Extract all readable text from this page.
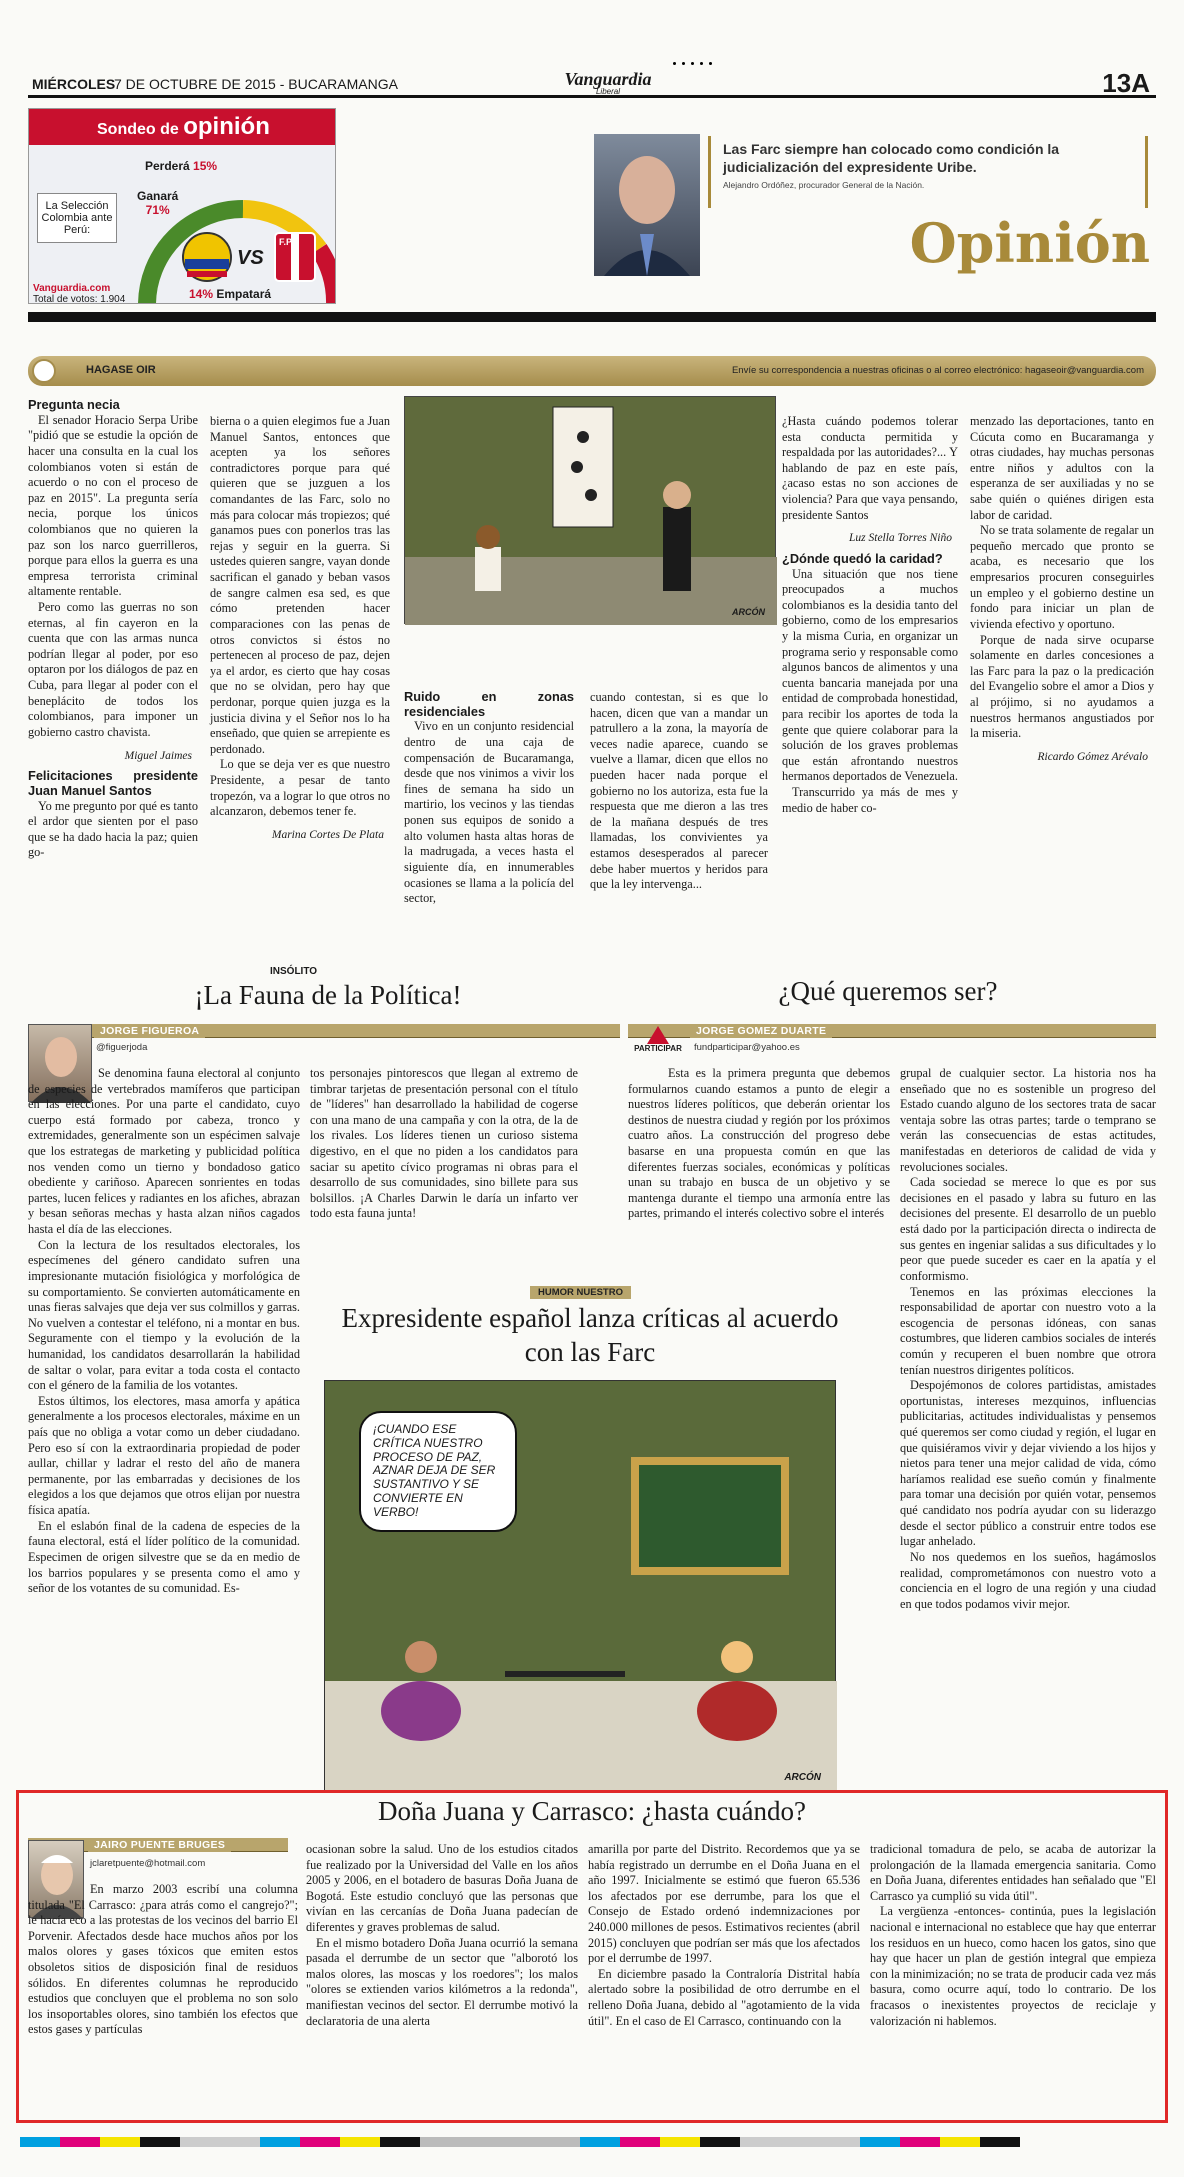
MIÉRCOLES
7 DE OCTUBRE DE 2015 - BUCARAMANGA	Vanguardia
Liberal	13A
Sondeo de opinión
La Selección Colombia ante Perú:
Perderá 15%
Ganará
71%
VS
F.P.F
Vanguardia.com
Total de votos: 1.904	14% Empatará
Las Farc siempre han colocado como condición la judicialización del expresidente Uribe.
Alejandro Ordóñez, procurador General de la Nación.
Opinión
HAGASE OIR	Envíe su correspondencia a nuestras oficinas o al correo electrónico: hagaseoir@vanguardia.com
Pregunta necia

El senador Horacio Serpa Uribe "pidió que se estudie la opción de hacer una consulta en la cual los colombianos voten si están de acuerdo o no con el proceso de paz en 2015". La pregunta sería necia, porque los únicos colombianos que no quieren la paz son los narco guerrilleros, porque para ellos la guerra es una empresa terrorista criminal altamente rentable.

Pero como las guerras no son eternas, al fin cayeron en la cuenta que con las armas nunca podrían llegar al poder, por eso optaron por los diálogos de paz en Cuba, para llegar al poder con el beneplácito de todos los colombianos, para imponer un gobierno castro chavista.

Miguel Jaimes

Felicitaciones presidente Juan Manuel Santos

Yo me pregunto por qué es tanto el ardor que sienten por el paso que se ha dado hacia la paz; quien go-

bierna o a quien elegimos fue a Juan Manuel Santos, entonces que acepten ya los señores contradictores porque para qué quieren que se juzguen a los comandantes de las Farc, solo no más para colocar más tropiezos; qué ganamos pues con ponerlos tras las rejas y seguir en la guerra. Si ustedes quieren sangre, vayan donde sacrifican el ganado y beban vasos de sangre calmen esa sed, es que cómo pretenden hacer comparaciones con las penas de otros convictos si éstos no pertenecen al proceso de paz, dejen ya el ardor, es cierto que hay cosas que no se olvidan, pero hay que perdonar, porque quien juzga es la justicia divina y el Señor nos lo ha enseñado, que quien se arrepiente es perdonado.

Lo que se deja ver es que nuestro Presidente, a pesar de tanto tropezón, va a lograr lo que otros no alcanzaron, debemos tener fe.

Marina Cortes De Plata

ARCÓN
Ruido en zonas residenciales

Vivo en un conjunto residencial dentro de una caja de compensación de Bucaramanga, desde que nos vinimos a vivir los fines de semana ha sido un martirio, los vecinos y las tiendas ponen sus equipos de sonido a alto volumen hasta altas horas de la madrugada, a veces hasta el siguiente día, en innumerables ocasiones se llama a la policía del sector,

cuando contestan, si es que lo hacen, dicen que van a mandar un patrullero a la zona, la mayoría de veces nadie aparece, cuando se vuelve a llamar, dicen que ellos no pueden hacer nada porque el gobierno no los autoriza, esta fue la respuesta que me dieron a las tres de la mañana después de tres llamadas, los convivientes ya estamos desesperados al parecer debe haber muertos y heridos para que la ley intervenga...

¿Hasta cuándo podemos tolerar esta conducta permitida y respaldada por las autoridades?... Y hablando de paz en este país, ¿acaso estas no son acciones de violencia? Para que vaya pensando, presidente Santos

Luz Stella Torres Niño

¿Dónde quedó la caridad?

Una situación que nos tiene preocupados a muchos colombianos es la desidia tanto del gobierno, como de los empresarios y la misma Curia, en organizar un programa serio y responsable como algunos bancos de alimentos y una cuenta bancaria manejada por una entidad de comprobada honestidad, para recibir los aportes de toda la gente que quiere colaborar para la solución de los graves problemas que están afrontando nuestros hermanos deportados de Venezuela.

Transcurrido ya más de mes y medio de haber co-

menzado las deportaciones, tanto en Cúcuta como en Bucaramanga y otras ciudades, hay muchas personas entre niños y adultos con la esperanza de ser auxiliadas y no se sabe quién o quiénes dirigen esta labor de caridad.

No se trata solamente de regalar un pequeño mercado que pronto se acaba, es necesario que los empresarios procuren conseguirles un empleo y el gobierno destine un fondo para iniciar un plan de vivienda efectivo y oportuno.

Porque de nada sirve ocuparse solamente en darles concesiones a las Farc para la paz o la predicación del Evangelio sobre el amor a Dios y al prójimo, si no ayudamos a nuestros hermanos angustiados por la miseria.

Ricardo Gómez Arévalo

INSÓLITO
¡La Fauna de la Política!
JORGE FIGUEROA
@figuerjoda

Se denomina fauna electoral al conjunto de especies de vertebrados mamíferos que participan en las elecciones. Por una parte el candidato, cuyo cuerpo está formado por cabeza, tronco y extremidades, generalmente son un espécimen salvaje que los estrategas de marketing y publicidad política nos venden como un tierno y bondadoso gatico obediente y cariñoso. Aparecen sonrientes en todas partes, lucen felices y radiantes en los afiches, abrazan y besan señoras mechas y hasta alzan niños cagados hasta el día de las elecciones.

Con la lectura de los resultados electorales, los especímenes del género candidato sufren una impresionante mutación fisiológica y morfológica de su comportamiento. Se convierten automáticamente en unas fieras salvajes que deja ver sus colmillos y garras. No vuelven a contestar el teléfono, ni a montar en bus. Seguramente con el tiempo y la evolución de la humanidad, los candidatos desarrollarán la habilidad de saltar o volar, para evitar a toda costa el contacto con el género de la familia de los votantes.

Estos últimos, los electores, masa amorfa y apática generalmente a los procesos electorales, máxime en un país que no obliga a votar como un deber ciudadano. Pero eso sí con la extraordinaria propiedad de poder aullar, chillar y ladrar el resto del año de manera permanente, por las embarradas y decisiones de los elegidos a los que dejamos que otros elijan por nuestra física apatía.

En el eslabón final de la cadena de especies de la fauna electoral, está el líder político de la comunidad. Especimen de origen silvestre que se da en medio de los barrios populares y se presenta como el amo y señor de los votantes de su comunidad. Es-

tos personajes pintorescos que llegan al extremo de timbrar tarjetas de presentación personal con el título de "líderes" han desarrollado la habilidad de cogerse con una mano de una campaña y con la otra, de la de los rivales. Los líderes tienen un curioso sistema digestivo, en el que no piden a los candidatos para saciar su apetito cívico programas ni obras para el desarrollo de sus comunidades, sino billete para sus bolsillos. ¡A Charles Darwin le daría un infarto ver todo esta fauna junta!

¿Qué queremos ser?
PARTICIPAR
JORGE GOMEZ DUARTE
fundparticipar@yahoo.es

Esta es la primera pregunta que debemos formularnos cuando estamos a punto de elegir a nuestros líderes políticos, que deberán orientar los destinos de nuestra ciudad y región por los próximos cuatro años. La construcción del progreso debe basarse en una propuesta común en que las diferentes fuerzas sociales, económicas y políticas unan su trabajo en busca de un objetivo y se mantenga durante el tiempo una armonía entre las partes, primando el interés colectivo sobre el interés

grupal de cualquier sector. La historia nos ha enseñado que no es sostenible un progreso del Estado cuando alguno de los sectores trata de sacar ventaja sobre las otras partes; tarde o temprano se verán las consecuencias de estas actitudes, manifestadas en deterioros de calidad de vida y revoluciones sociales.

Cada sociedad se merece lo que es por sus decisiones en el pasado y labra su futuro en las decisiones del presente. El desarrollo de un pueblo está dado por la participación directa o indirecta de sus gentes en ingeniar salidas a sus dificultades y lo peor que puede suceder es caer en la apatía y el conformismo.

Tenemos en las próximas elecciones la responsabilidad de aportar con nuestro voto a la escogencia de personas idóneas, con sanas costumbres, que lideren cambios sociales de interés común y recuperen el buen nombre que otrora tenían nuestros dirigentes políticos.

Despojémonos de colores partidistas, amistades oportunistas, intereses mezquinos, influencias publicitarias, actitudes individualistas y pensemos qué queremos ser como ciudad y región, el lugar en que quisiéramos vivir y dejar viviendo a los hijos y nietos para tener una mejor calidad de vida, cómo haríamos realidad ese sueño común y finalmente para tomar una decisión por quién votar, pensemos qué candidato nos podría ayudar con su liderazgo desde el sector público a construir entre todos ese lugar anhelado.

No nos quedemos en los sueños, hagámoslos realidad, comprometámonos con nuestro voto a conciencia en el logro de una región y una ciudad en que todos podamos vivir mejor.

HUMOR NUESTRO
Expresidente español lanza críticas al acuerdo con las Farc
¡CUANDO ESE CRÍTICA NUESTRO PROCESO DE PAZ, AZNAR DEJA DE SER SUSTANTIVO Y SE CONVIERTE EN VERBO!
ARCÓN
Doña Juana y Carrasco: ¿hasta cuándo?
JAIRO PUENTE BRUGES
jclaretpuente@hotmail.com

En marzo 2003 escribí una columna titulada "El Carrasco: ¿para atrás como el cangrejo?"; le hacía eco a las protestas de los vecinos del barrio El Porvenir. Afectados desde hace muchos años por los malos olores y gases tóxicos que emiten estos obsoletos sitios de disposición final de residuos sólidos. En diferentes columnas he reproducido estudios que concluyen que el problema no son solo los insoportables olores, sino también los efectos que estos gases y partículas

ocasionan sobre la salud. Uno de los estudios citados fue realizado por la Universidad del Valle en los años 2005 y 2006, en el botadero de basuras Doña Juana de Bogotá. Este estudio concluyó que las personas que vivían en las cercanías de Doña Juana padecían de diferentes y graves problemas de salud.

En el mismo botadero Doña Juana ocurrió la semana pasada el derrumbe de un sector que "alborotó los malos olores, las moscas y los roedores"; los malos "olores se extienden varios kilómetros a la redonda", manifiestan vecinos del sector. El derrumbe motivó la declaratoria de una alerta

amarilla por parte del Distrito. Recordemos que ya se había registrado un derrumbe en el Doña Juana en el año 1997. Inicialmente se estimó que fueron 65.536 los afectados por ese derrumbe, para los que el Consejo de Estado ordenó indemnizaciones por 240.000 millones de pesos. Estimativos recientes (abril 2015) concluyen que podrían ser más que los afectados por el derrumbe de 1997.

En diciembre pasado la Contraloría Distrital había alertado sobre la posibilidad de otro derrumbe en el relleno Doña Juana, debido al "agotamiento de la vida útil". En el caso de El Carrasco, continuando con la

tradicional tomadura de pelo, se acaba de autorizar la prolongación de la llamada emergencia sanitaria. Como en Doña Juana, diferentes entidades han señalado que "El Carrasco ya cumplió su vida útil".

La vergüenza -entonces- continúa, pues la legislación nacional e internacional no establece que hay que enterrar los residuos en un hueco, como hacen los gatos, sino que hay que hacer un plan de gestión integral que empieza con la minimización; no se trata de producir cada vez más basura, como ocurre aquí, todo lo contrario. De los fracasos o inexistentes proyectos de reciclaje y valorización ni hablemos.
